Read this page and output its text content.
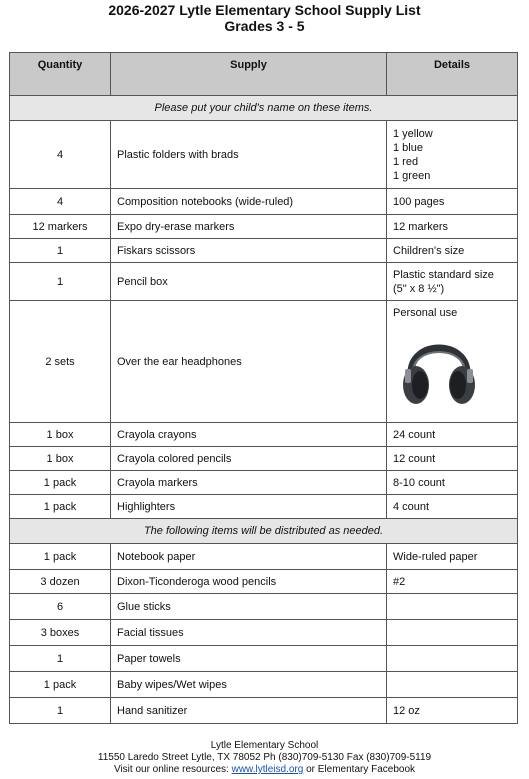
2026-2027 Lytle Elementary School Supply List
Grades 3 - 5
Quantity	Supply	Details
Please put your child's name on these items.		
4	Plastic folders with brads	1 yellow
1 blue
1 red
1 green

4	Composition notebooks (wide-ruled)	100 pages
12 markers	Expo dry-erase markers	12 markers
1	Fiskars scissors	Children's size
1	Pencil box	Plastic standard size
(5" x 8 ½")

2 sets	Over the ear headphones	Personal use

1 box	Crayola crayons	24 count
1 box	Crayola colored pencils	12 count
1 pack	Crayola markers	8-10 count
1 pack	Highlighters	4 count
The following items will be distributed as needed.		
1 pack	Notebook paper	Wide-ruled paper
3 dozen	Dixon-Ticonderoga wood pencils	#2
6	Glue sticks	
3 boxes	Facial tissues	
1	Paper towels	
1 pack	Baby wipes/Wet wipes	
1	Hand sanitizer	12 oz
Lytle Elementary School
11550 Laredo Street Lytle, TX 78052 Ph (830)709-5130 Fax (830)709-5119
Visit our online resources: www.lytleisd.org or Elementary Facebook
